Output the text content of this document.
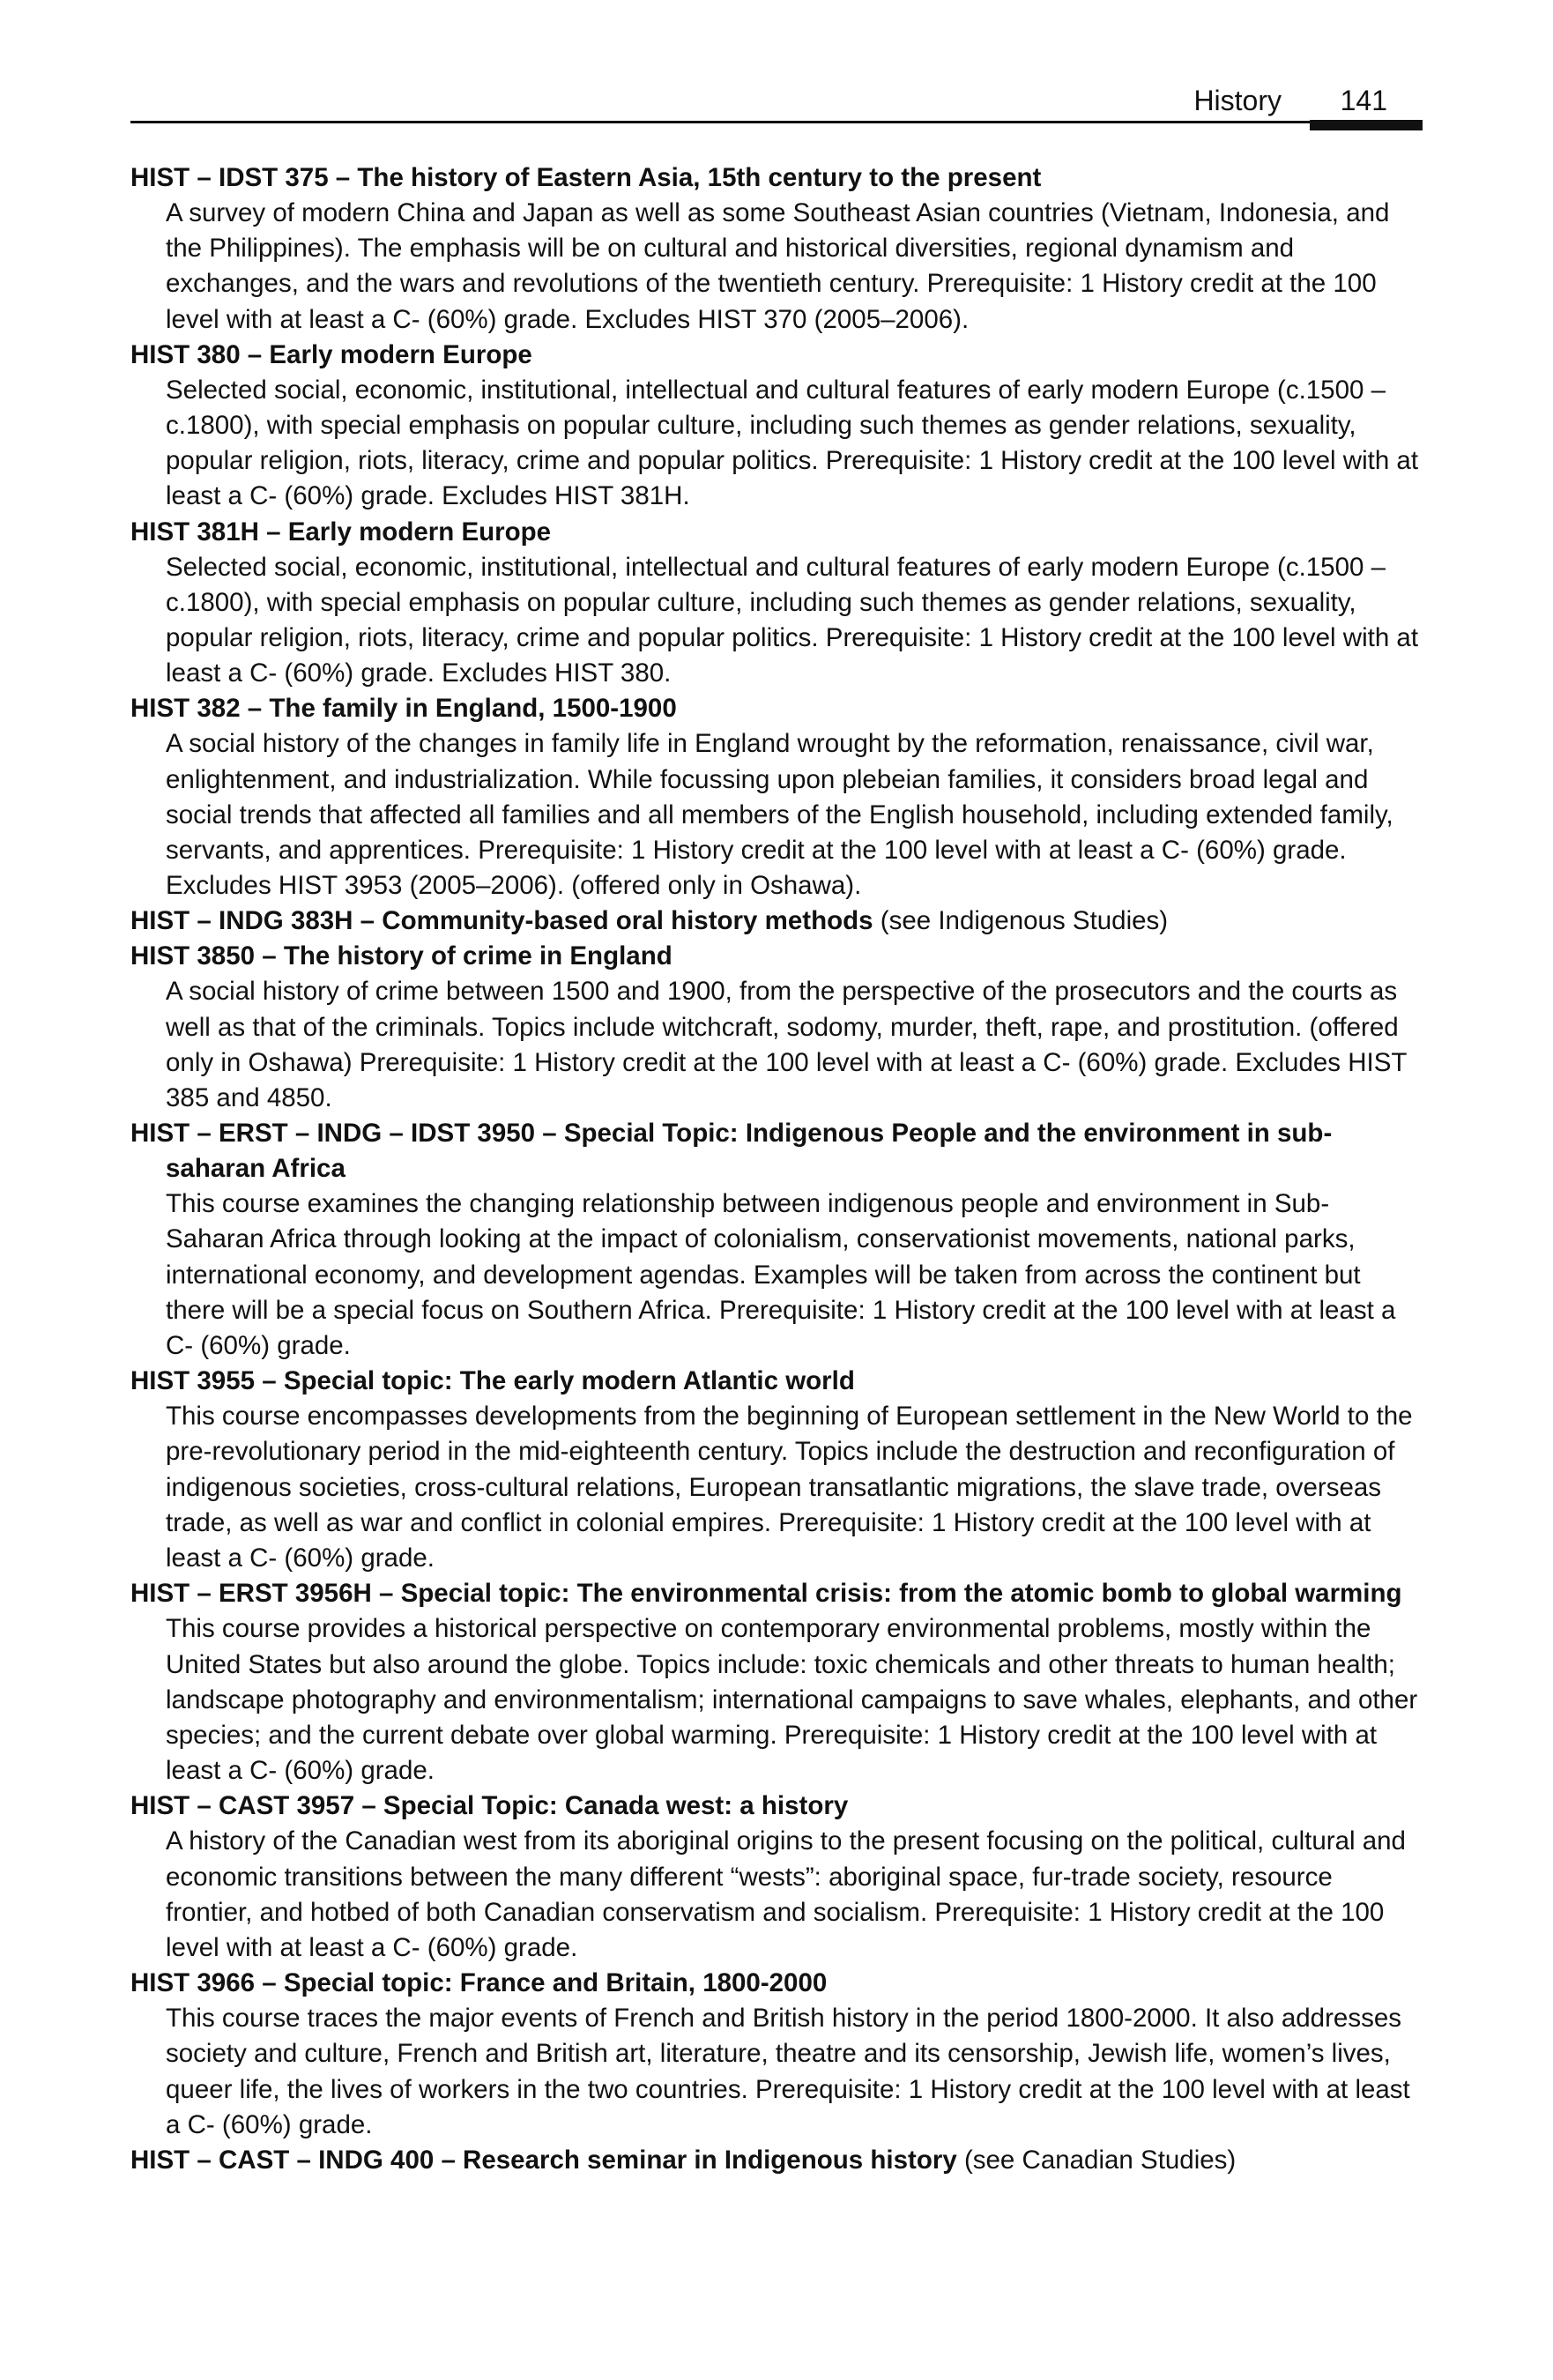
History 141
HIST – IDST 375 – The history of Eastern Asia, 15th century to the present

A survey of modern China and Japan as well as some Southeast Asian countries (Vietnam, Indonesia, and the Philippines). The emphasis will be on cultural and historical diversities, regional dynamism and exchanges, and the wars and revolutions of the twentieth century. Prerequisite: 1 History credit at the 100 level with at least a C- (60%) grade. Excludes HIST 370 (2005–2006).

HIST 380 – Early modern Europe

Selected social, economic, institutional, intellectual and cultural features of early modern Europe (c.1500 – c.1800), with special emphasis on popular culture, including such themes as gender relations, sexuality, popular religion, riots, literacy, crime and popular politics. Prerequisite: 1 History credit at the 100 level with at least a C- (60%) grade. Excludes HIST 381H.

HIST 381H – Early modern Europe

Selected social, economic, institutional, intellectual and cultural features of early modern Europe (c.1500 – c.1800), with special emphasis on popular culture, including such themes as gender relations, sexuality, popular religion, riots, literacy, crime and popular politics. Prerequisite: 1 History credit at the 100 level with at least a C- (60%) grade. Excludes HIST 380.

HIST 382 – The family in England, 1500-1900

A social history of the changes in family life in England wrought by the reformation, renaissance, civil war, enlightenment, and industrialization. While focussing upon plebeian families, it considers broad legal and social trends that affected all families and all members of the English household, including extended family, servants, and apprentices. Prerequisite: 1 History credit at the 100 level with at least a C- (60%) grade. Excludes HIST 3953 (2005–2006). (offered only in Oshawa).

HIST – INDG 383H – Community-based oral history methods (see Indigenous Studies)
HIST 3850 – The history of crime in England

A social history of crime between 1500 and 1900, from the perspective of the prosecutors and the courts as well as that of the criminals. Topics include witchcraft, sodomy, murder, theft, rape, and prostitution. (offered only in Oshawa) Prerequisite: 1 History credit at the 100 level with at least a C- (60%) grade. Excludes HIST 385 and 4850.

HIST – ERST – INDG – IDST 3950 – Special Topic: Indigenous People and the environment in sub-saharan Africa

This course examines the changing relationship between indigenous people and environment in Sub-Saharan Africa through looking at the impact of colonialism, conservationist movements, national parks, international economy, and development agendas. Examples will be taken from across the continent but there will be a special focus on Southern Africa. Prerequisite: 1 History credit at the 100 level with at least a C- (60%) grade.

HIST 3955 – Special topic: The early modern Atlantic world

This course encompasses developments from the beginning of European settlement in the New World to the pre-revolutionary period in the mid-eighteenth century. Topics include the destruction and reconfiguration of indigenous societies, cross-cultural relations, European transatlantic migrations, the slave trade, overseas trade, as well as war and conflict in colonial empires. Prerequisite: 1 History credit at the 100 level with at least a C- (60%) grade.

HIST – ERST 3956H – Special topic: The environmental crisis: from the atomic bomb to global warming

This course provides a historical perspective on contemporary environmental problems, mostly within the United States but also around the globe. Topics include: toxic chemicals and other threats to human health; landscape photography and environmentalism; international campaigns to save whales, elephants, and other species; and the current debate over global warming. Prerequisite: 1 History credit at the 100 level with at least a C- (60%) grade.

HIST – CAST 3957 – Special Topic: Canada west: a history

A history of the Canadian west from its aboriginal origins to the present focusing on the political, cultural and economic transitions between the many different “wests”: aboriginal space, fur-trade society, resource frontier, and hotbed of both Canadian conservatism and socialism. Prerequisite: 1 History credit at the 100 level with at least a C- (60%) grade.

HIST 3966 – Special topic: France and Britain, 1800-2000

This course traces the major events of French and British history in the period 1800-2000. It also addresses society and culture, French and British art, literature, theatre and its censorship, Jewish life, women’s lives, queer life, the lives of workers in the two countries. Prerequisite: 1 History credit at the 100 level with at least a C- (60%) grade.

HIST – CAST – INDG 400 – Research seminar in Indigenous history (see Canadian Studies)
